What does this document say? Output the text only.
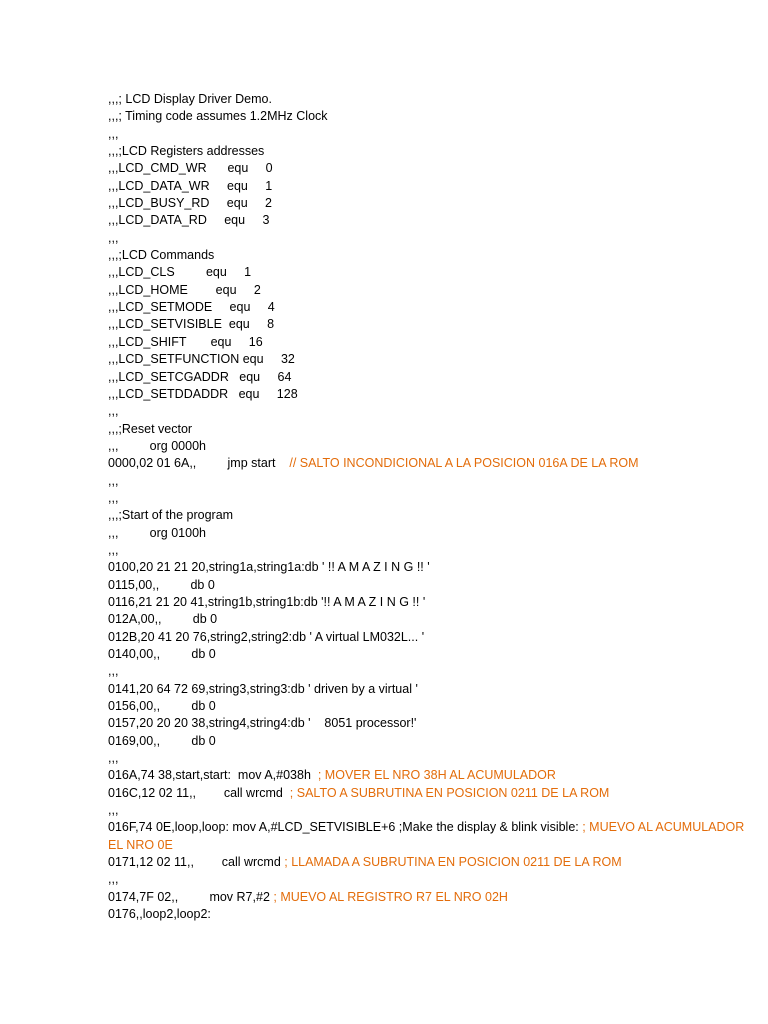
,,,; LCD Display Driver Demo.
,,,; Timing code assumes 1.2MHz Clock
,,,
,,,;LCD Registers addresses
,,,LCD_CMD_WR      equ     0
,,,LCD_DATA_WR     equ     1
,,,LCD_BUSY_RD     equ     2
,,,LCD_DATA_RD     equ     3
,,,
,,,;LCD Commands
,,,LCD_CLS         equ     1
,,,LCD_HOME        equ     2
,,,LCD_SETMODE     equ     4
,,,LCD_SETVISIBLE  equ     8
,,,LCD_SHIFT       equ     16
,,,LCD_SETFUNCTION equ     32
,,,LCD_SETCGADDR   equ     64
,,,LCD_SETDDADDR   equ     128
,,,
,,,;Reset vector
,,,         org 0000h
0000,02 01 6A,,         jmp start    // SALTO INCONDICIONAL A LA POSICION 016A DE LA ROM
,,,
,,,
,,,;Start of the program
,,,         org 0100h
,,,
0100,20 21 21 20,string1a,string1a:db ' !! A M A Z I N G !! '
0115,00,,         db 0
0116,21 21 20 41,string1b,string1b:db '!! A M A Z I N G !! '
012A,00,,         db 0
012B,20 41 20 76,string2,string2:db ' A virtual LM032L... '
0140,00,,         db 0
,,,
0141,20 64 72 69,string3,string3:db ' driven by a virtual '
0156,00,,         db 0
0157,20 20 20 38,string4,string4:db '    8051 processor!'
0169,00,,         db 0
,,,
016A,74 38,start,start:  mov A,#038h  ; MOVER EL NRO 38H AL ACUMULADOR
016C,12 02 11,,        call wrcmd  ; SALTO A SUBRUTINA EN POSICION 0211 DE LA ROM
,,,
016F,74 0E,loop,loop: mov A,#LCD_SETVISIBLE+6 ;Make the display & blink visible: ; MUEVO AL ACUMULADOR EL NRO 0E
0171,12 02 11,,        call wrcmd ; LLAMADA A SUBRUTINA EN POSICION 0211 DE LA ROM
,,,
0174,7F 02,,         mov R7,#2 ; MUEVO AL REGISTRO R7 EL NRO 02H
0176,,loop2,loop2:
